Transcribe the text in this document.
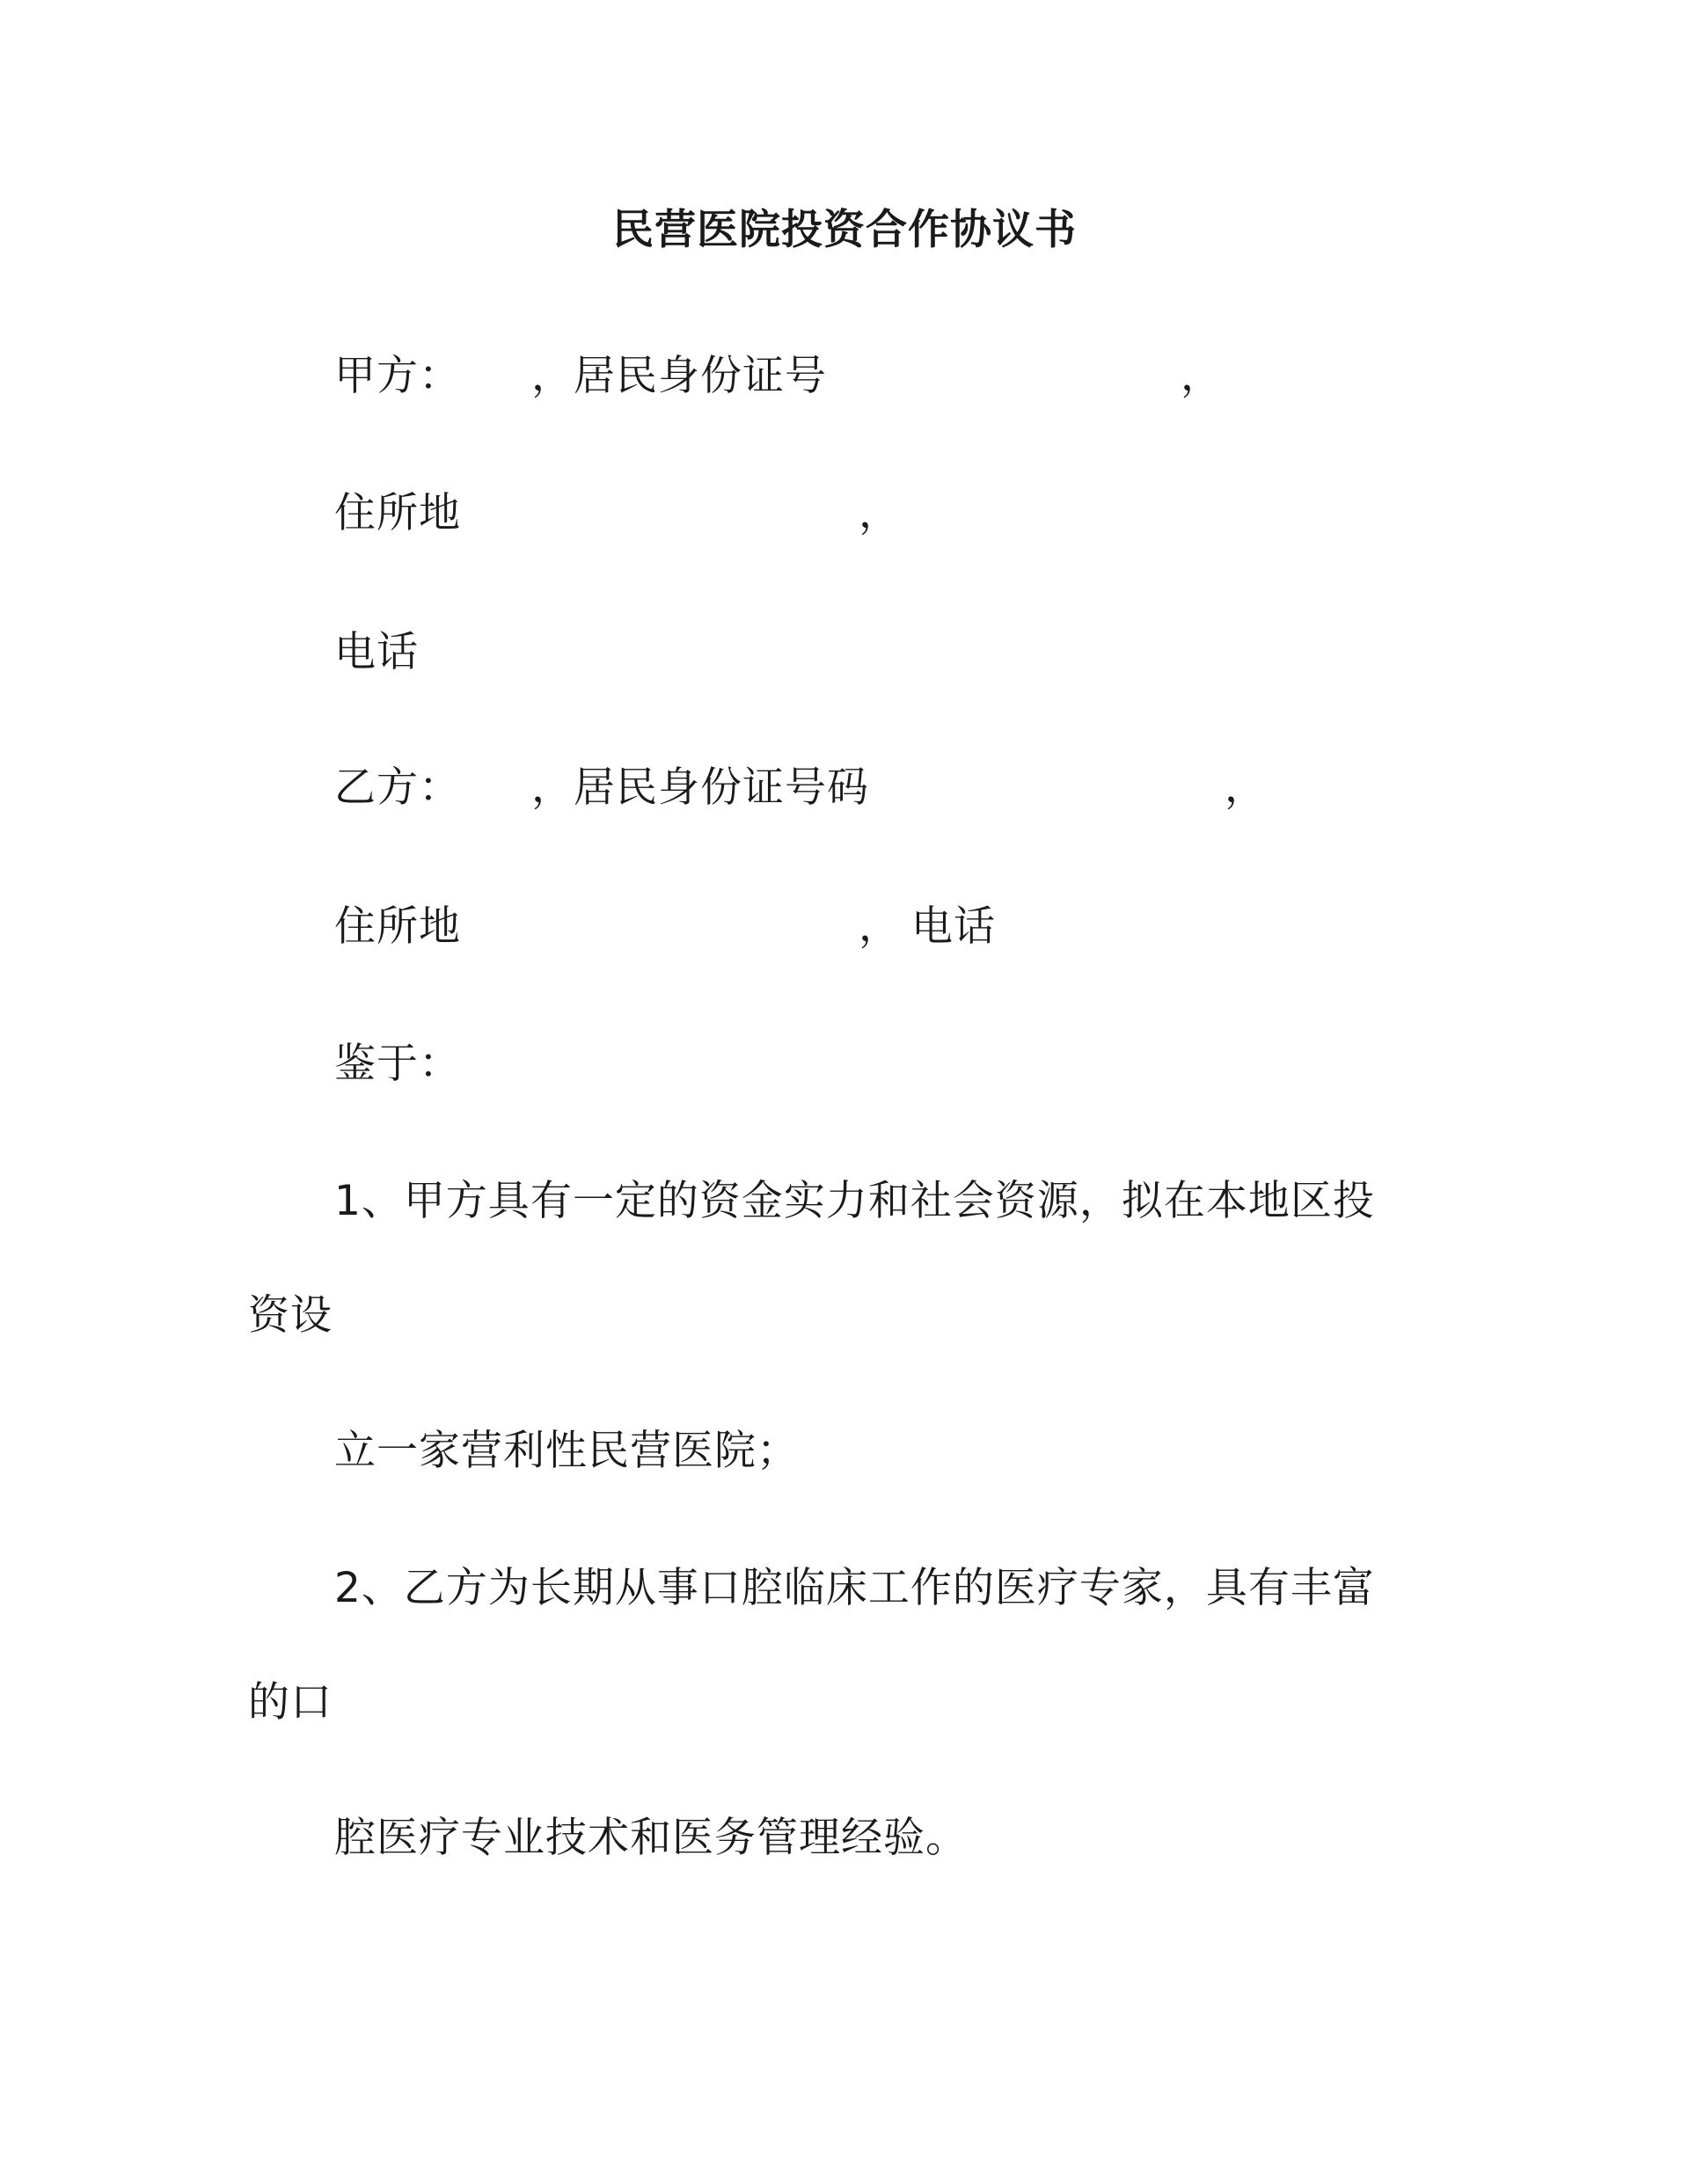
民营医院投资合作协议书
甲方： ，居民身份证号	，
住所地	，
电话
乙方： ，居民身份证号码	，
住所地	， 电话
鉴于：
1、甲方具有一定的资金实力和社会资源，拟在本地区投
资设
立一家营利性民营医院；
2、乙方为长期从事口腔临床工作的医疗专家，具有丰富
的口
腔医疗专业技术和医务管理经验。
